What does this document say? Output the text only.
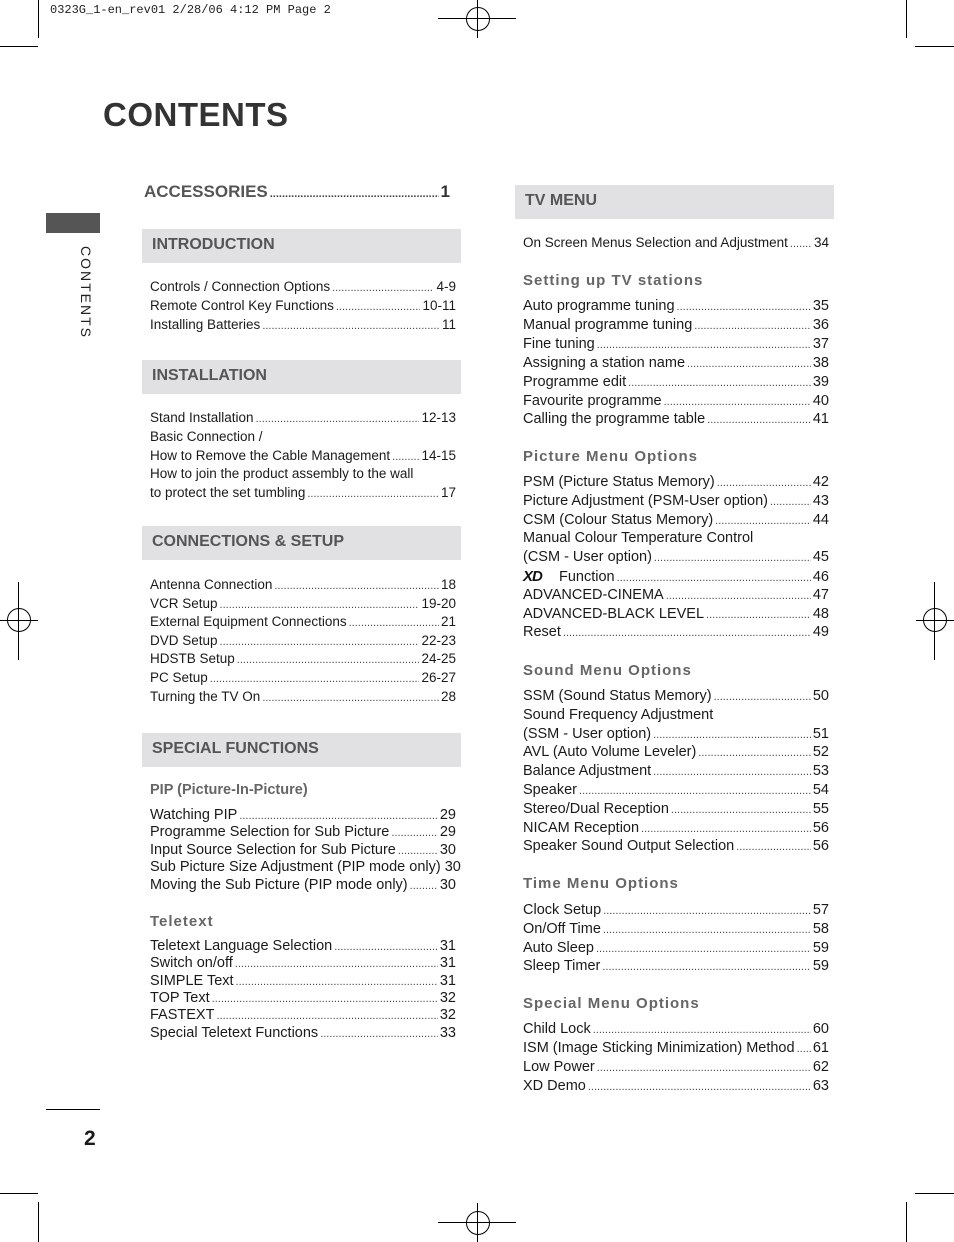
0323G_1-en_rev01 2/28/06 4:12 PM Page 2
CONTENTS
CONTENTS
2
ACCESSORIES .....	1
INTRODUCTION
Controls / Connection Options .....	4-9
Remote Control Key Functions .....	10-11
Installing Batteries .....	11
INSTALLATION
Stand Installation .....	12-13
Basic Connection /
How to Remove the Cable Management ..... 14-15
How to join the product assembly to the wall
to protect the set tumbling .....	17
CONNECTIONS & SETUP
Antenna Connection .....	18
VCR Setup .....	19-20
External Equipment Connections .....	21
DVD Setup .....	22-23
HDSTB Setup .....	24-25
PC Setup .....	26-27
Turning the TV On .....	28
SPECIAL FUNCTIONS
PIP (Picture-In-Picture)
Watching PIP .....	29
Programme Selection for Sub Picture .....	29
Input Source Selection for Sub Picture .....	30
Sub Picture Size Adjustment (PIP mode only) 30
Moving the Sub Picture (PIP mode only) ..... 30
Teletext
Teletext Language Selection .....	31
Switch on/off .....	31
SIMPLE Text .....	31
TOP Text .....	32
FASTEXT .....	32
Special Teletext Functions .....	33
TV MENU
On Screen Menus Selection and Adjustment ..... 34
Setting up TV stations
Auto programme tuning .....	35
Manual programme tuning .....	36
Fine tuning .....	37
Assigning a station name .....	38
Programme edit .....	39
Favourite programme .....	40
Calling the programme table .....	41
Picture Menu Options
PSM (Picture Status Memory) .....	42
Picture Adjustment (PSM-User option) .....	43
CSM (Colour Status Memory) .....	44
Manual Colour Temperature Control
(CSM - User option) .....	45
XD	Function .....	46
ADVANCED-CINEMA .....	47
ADVANCED-BLACK LEVEL .....	48
Reset .....	49
Sound Menu Options
SSM (Sound Status Memory) .....	50
Sound Frequency Adjustment
(SSM - User option) .....	51
AVL (Auto Volume Leveler) .....	52
Balance Adjustment .....	53
Speaker .....	54
Stereo/Dual Reception .....	55
NICAM Reception .....	56
Speaker Sound Output Selection .....	56
Time Menu Options
Clock Setup .....	57
On/Off Time .....	58
Auto Sleep .....	59
Sleep Timer .....	59
Special Menu Options
Child Lock .....	60
ISM (Image Sticking Minimization) Method ..... 61
Low Power .....	62
XD Demo .....	63
